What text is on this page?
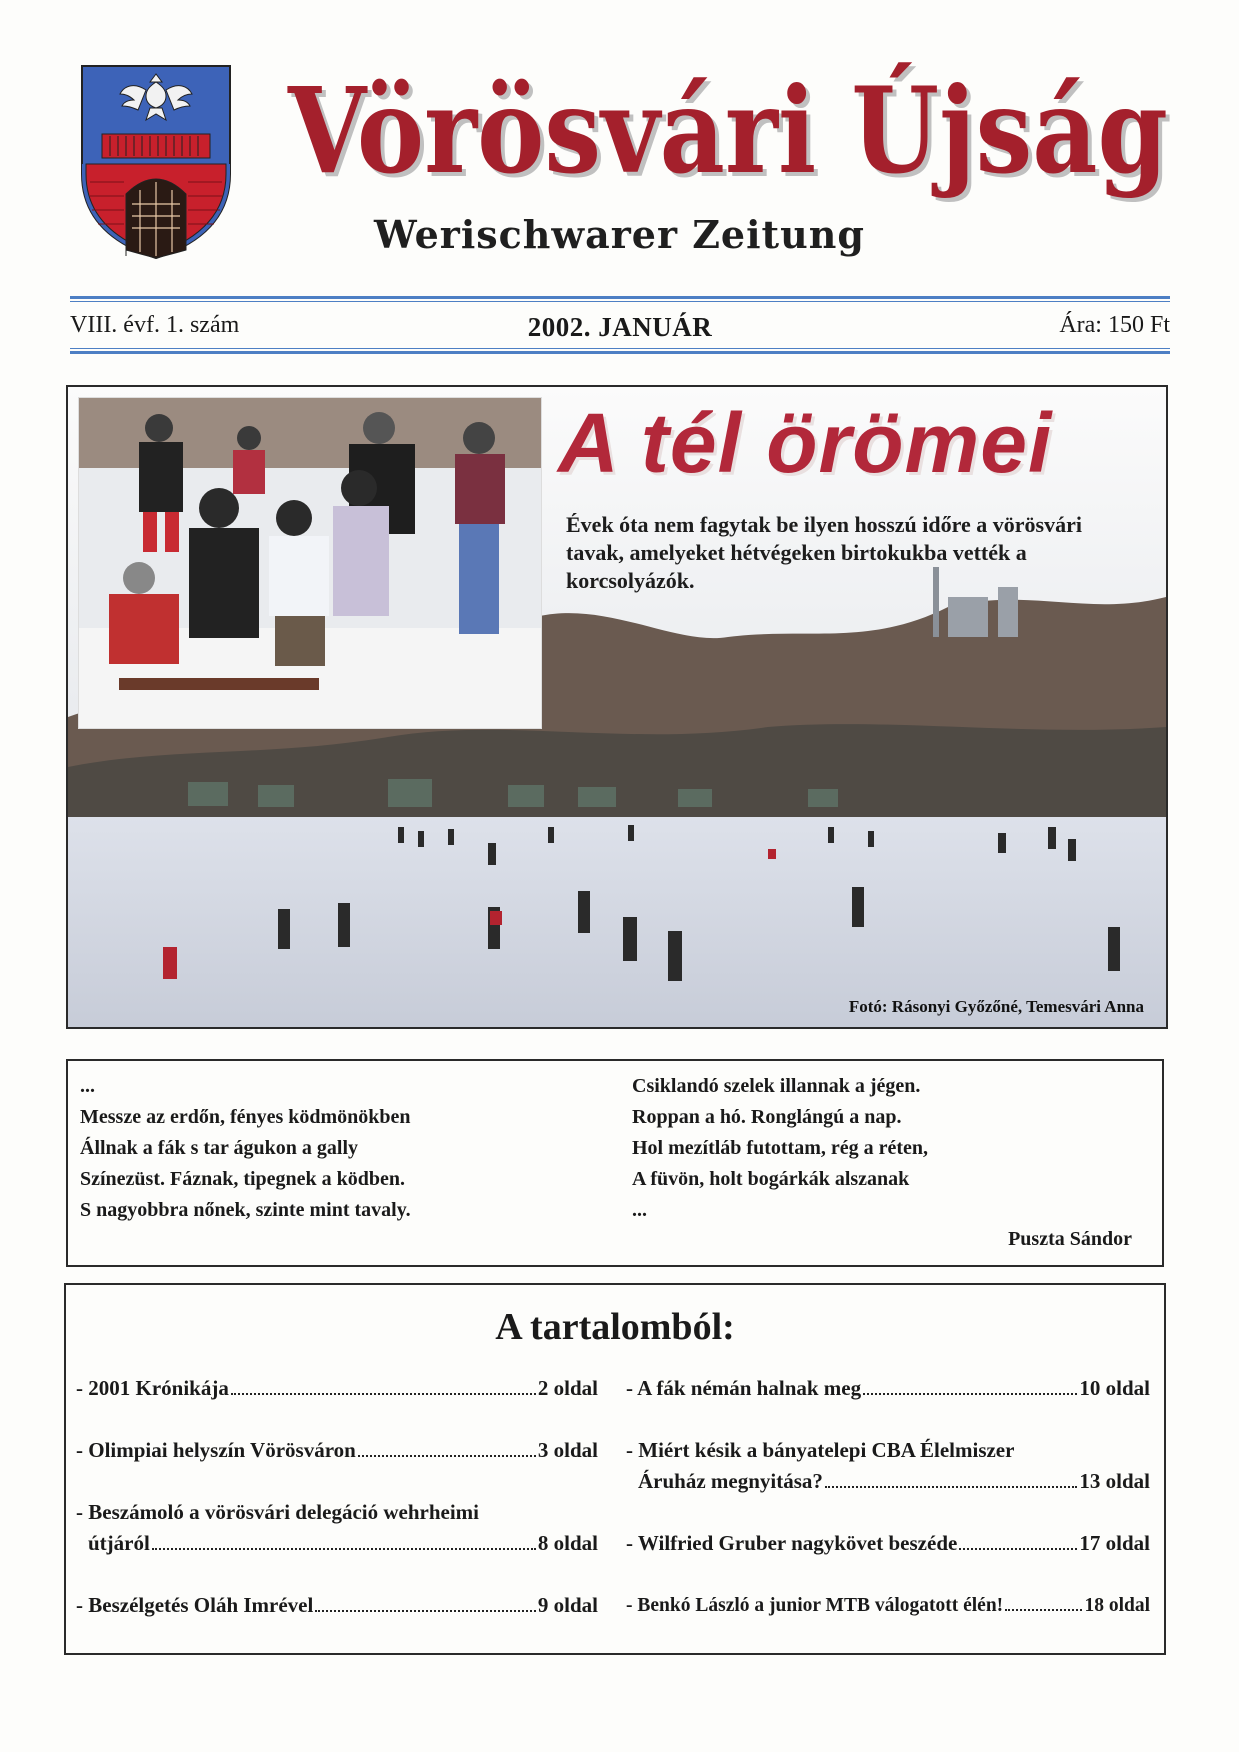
Vörösvári Újság
Vörösvári Újság
Werischwarer Zeitung
VIII. évf. 1. szám	2002. JANUÁR	Ára: 150 Ft
A tél örömei
Évek óta nem fagytak be ilyen hosszú időre a vörösvári tavak, amelyeket hétvégeken birtokukba vették a korcsolyázók.
Fotó: Rásonyi Győzőné, Temesvári Anna
...
Messze az erdőn, fényes ködmönökben
Állnak a fák s tar águkon a gally
Színezüst. Fáznak, tipegnek a ködben.
S nagyobbra nőnek, szinte mint tavaly.
Csiklandó szelek illannak a jégen.
Roppan a hó. Ronglángú a nap.
Hol mezítláb futottam, rég a réten,
A füvön, holt bogárkák alszanak
...
Puszta Sándor
A tartalomból:
- 2001 Krónikája	2 oldal
- Olimpiai helyszín Vörösváron	3 oldal
- Beszámoló a vörösvári delegáció wehrheimi
útjáról	8 oldal
- Beszélgetés Oláh Imrével	9 oldal
- A fák némán halnak meg	10 oldal
- Miért késik a bányatelepi CBA Élelmiszer
Áruház megnyitása?	13 oldal
- Wilfried Gruber nagykövet beszéde	17 oldal
- Benkó László a junior MTB válogatott élén!	18 oldal
